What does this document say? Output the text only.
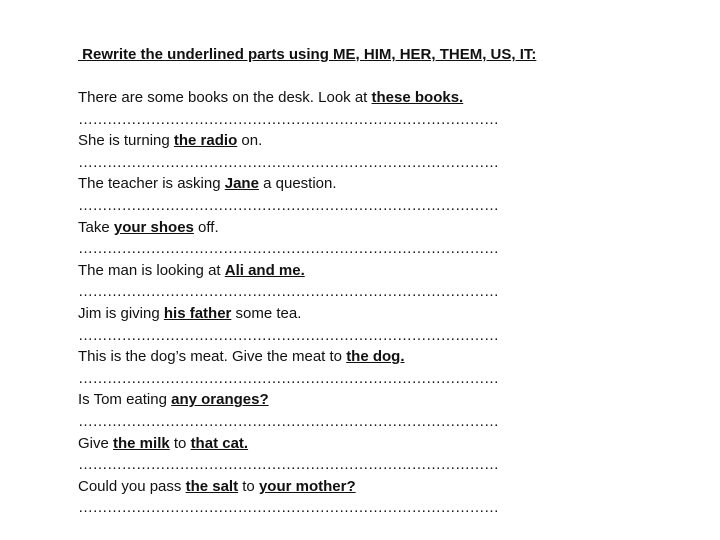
Rewrite the underlined parts using ME, HIM, HER, THEM, US, IT:
There are some books on the desk. Look at these books.
……………………………………………………………………………
She is turning the radio on.
……………………………………………………………………………
The teacher is asking Jane a question.
……………………………………………………………………………
Take your shoes off.
……………………………………………………………………………
The man is looking at Ali and me.
……………………………………………………………………………
Jim is giving his father some tea.
……………………………………………………………………………
This is the dog’s meat. Give the meat to the dog.
……………………………………………………………………………
Is Tom eating any oranges?
……………………………………………………………………………
Give the milk to that cat.
……………………………………………………………………………
Could you pass the salt to your mother?
……………………………………………………………………………
